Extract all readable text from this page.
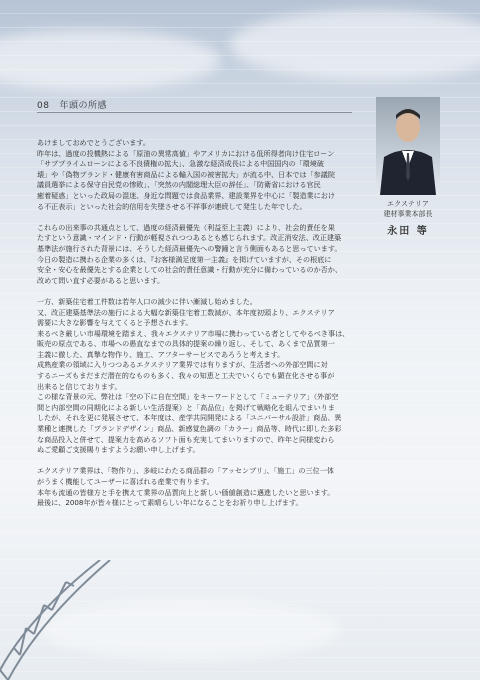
08 年頭の所感
エクステリア
建材事業本部長
永田 等
あけましておめでとうございます。
昨年は、過度の投機熱による「原油の異常高値」やアメリカにおける低所得者向け住宅ローン
「サブプライムローンによる不良債権の拡大」、急激な経済成長による中国国内の「環境破
壊」や「偽物ブランド・健康有害商品による輸入国の被害拡大」が流る中、日本では「参議院
議員選挙による保守自民党の惨敗」、「突然の内閣総理大臣の辞任」、「防衛省における官民
癒着疑惑」といった政局の混迷、身近な問題では食品業界、建設業界を中心に「製造業におけ
る不正表示」といった社会的信用を失墜させる不祥事が連続して発生した年でした。
これらの出来事の共通点として、過度の経済最優先（利益至上主義）により、社会的責任を果
たすという意識・マインド・行動が軽視されつつあるとも感じられます。改正消安法、改正建築
基準法が施行された背景には、そうした経済最優先への警鐘と言う側面もあると思っています。
今日の製造に携わる企業の多くは、『お客様満足度第一主義』を掲げていますが、その根底に
安全・安心を最優先とする企業としての社会的責任意識・行動が充分に備わっているのか否か、
改めて問い直す必要があると思います。
一方、新築住宅着工件数は若年人口の減少に伴い漸減し始めました。
又、改正建築基準法の施行による大幅な新築住宅着工数減が、本年度初頭より、エクステリア
需要に大きな影響を与えてくると予想されます。
来るべき厳しい市場環境を踏まえ、我々エクステリア市場に携わっている者としてやるべき事は、
販売の原点である、市場への愚直なまでの具体的提案の繰り返し、そして、あくまで品質第一
主義に徹した、真摯な物作り、施工、アフターサービスであろうと考えます。
成熟産業の領域に入りつつあるエクステリア業界では有りますが、生活者への外部空間に対
するニーズもまだまだ潜在的なものも多く、我々の知恵と工夫でいくらでも顕在化させる事が
出来ると信じております。
この様な背景の元、弊社は「空の下に自在空間」をキーワードとして「ミューテリア」（外部空
間と内部空間の同期化による新しい生活提案）と「高品位」を掲げて戦略化を組んでまいりま
したが、それを更に発展させて、本年度は、産学共同開発による「ユニバーサル設計」商品、異
業種と連携した「ブランドデザイン」商品、新感覚色調の「カラー」商品等、時代に即した多彩
な商品投入と併せて、提案力を高めるソフト面も充実してまいりますので、昨年と同様変わら
ぬご愛顧ご支援賜りますようお願い申し上げます。
エクステリア業界は、「物作り」、多岐にわたる商品群の「アッセンブリ」、「施工」の三位一体
がうまく機能してユーザーに喜ばれる産業で有ります。
本年も流通の皆様方と手を携えて業界の品質向上と新しい価値創造に邁進したいと思います。
最後に、2008年が皆々様にとって素晴らしい年になることをお祈り申し上げます。
